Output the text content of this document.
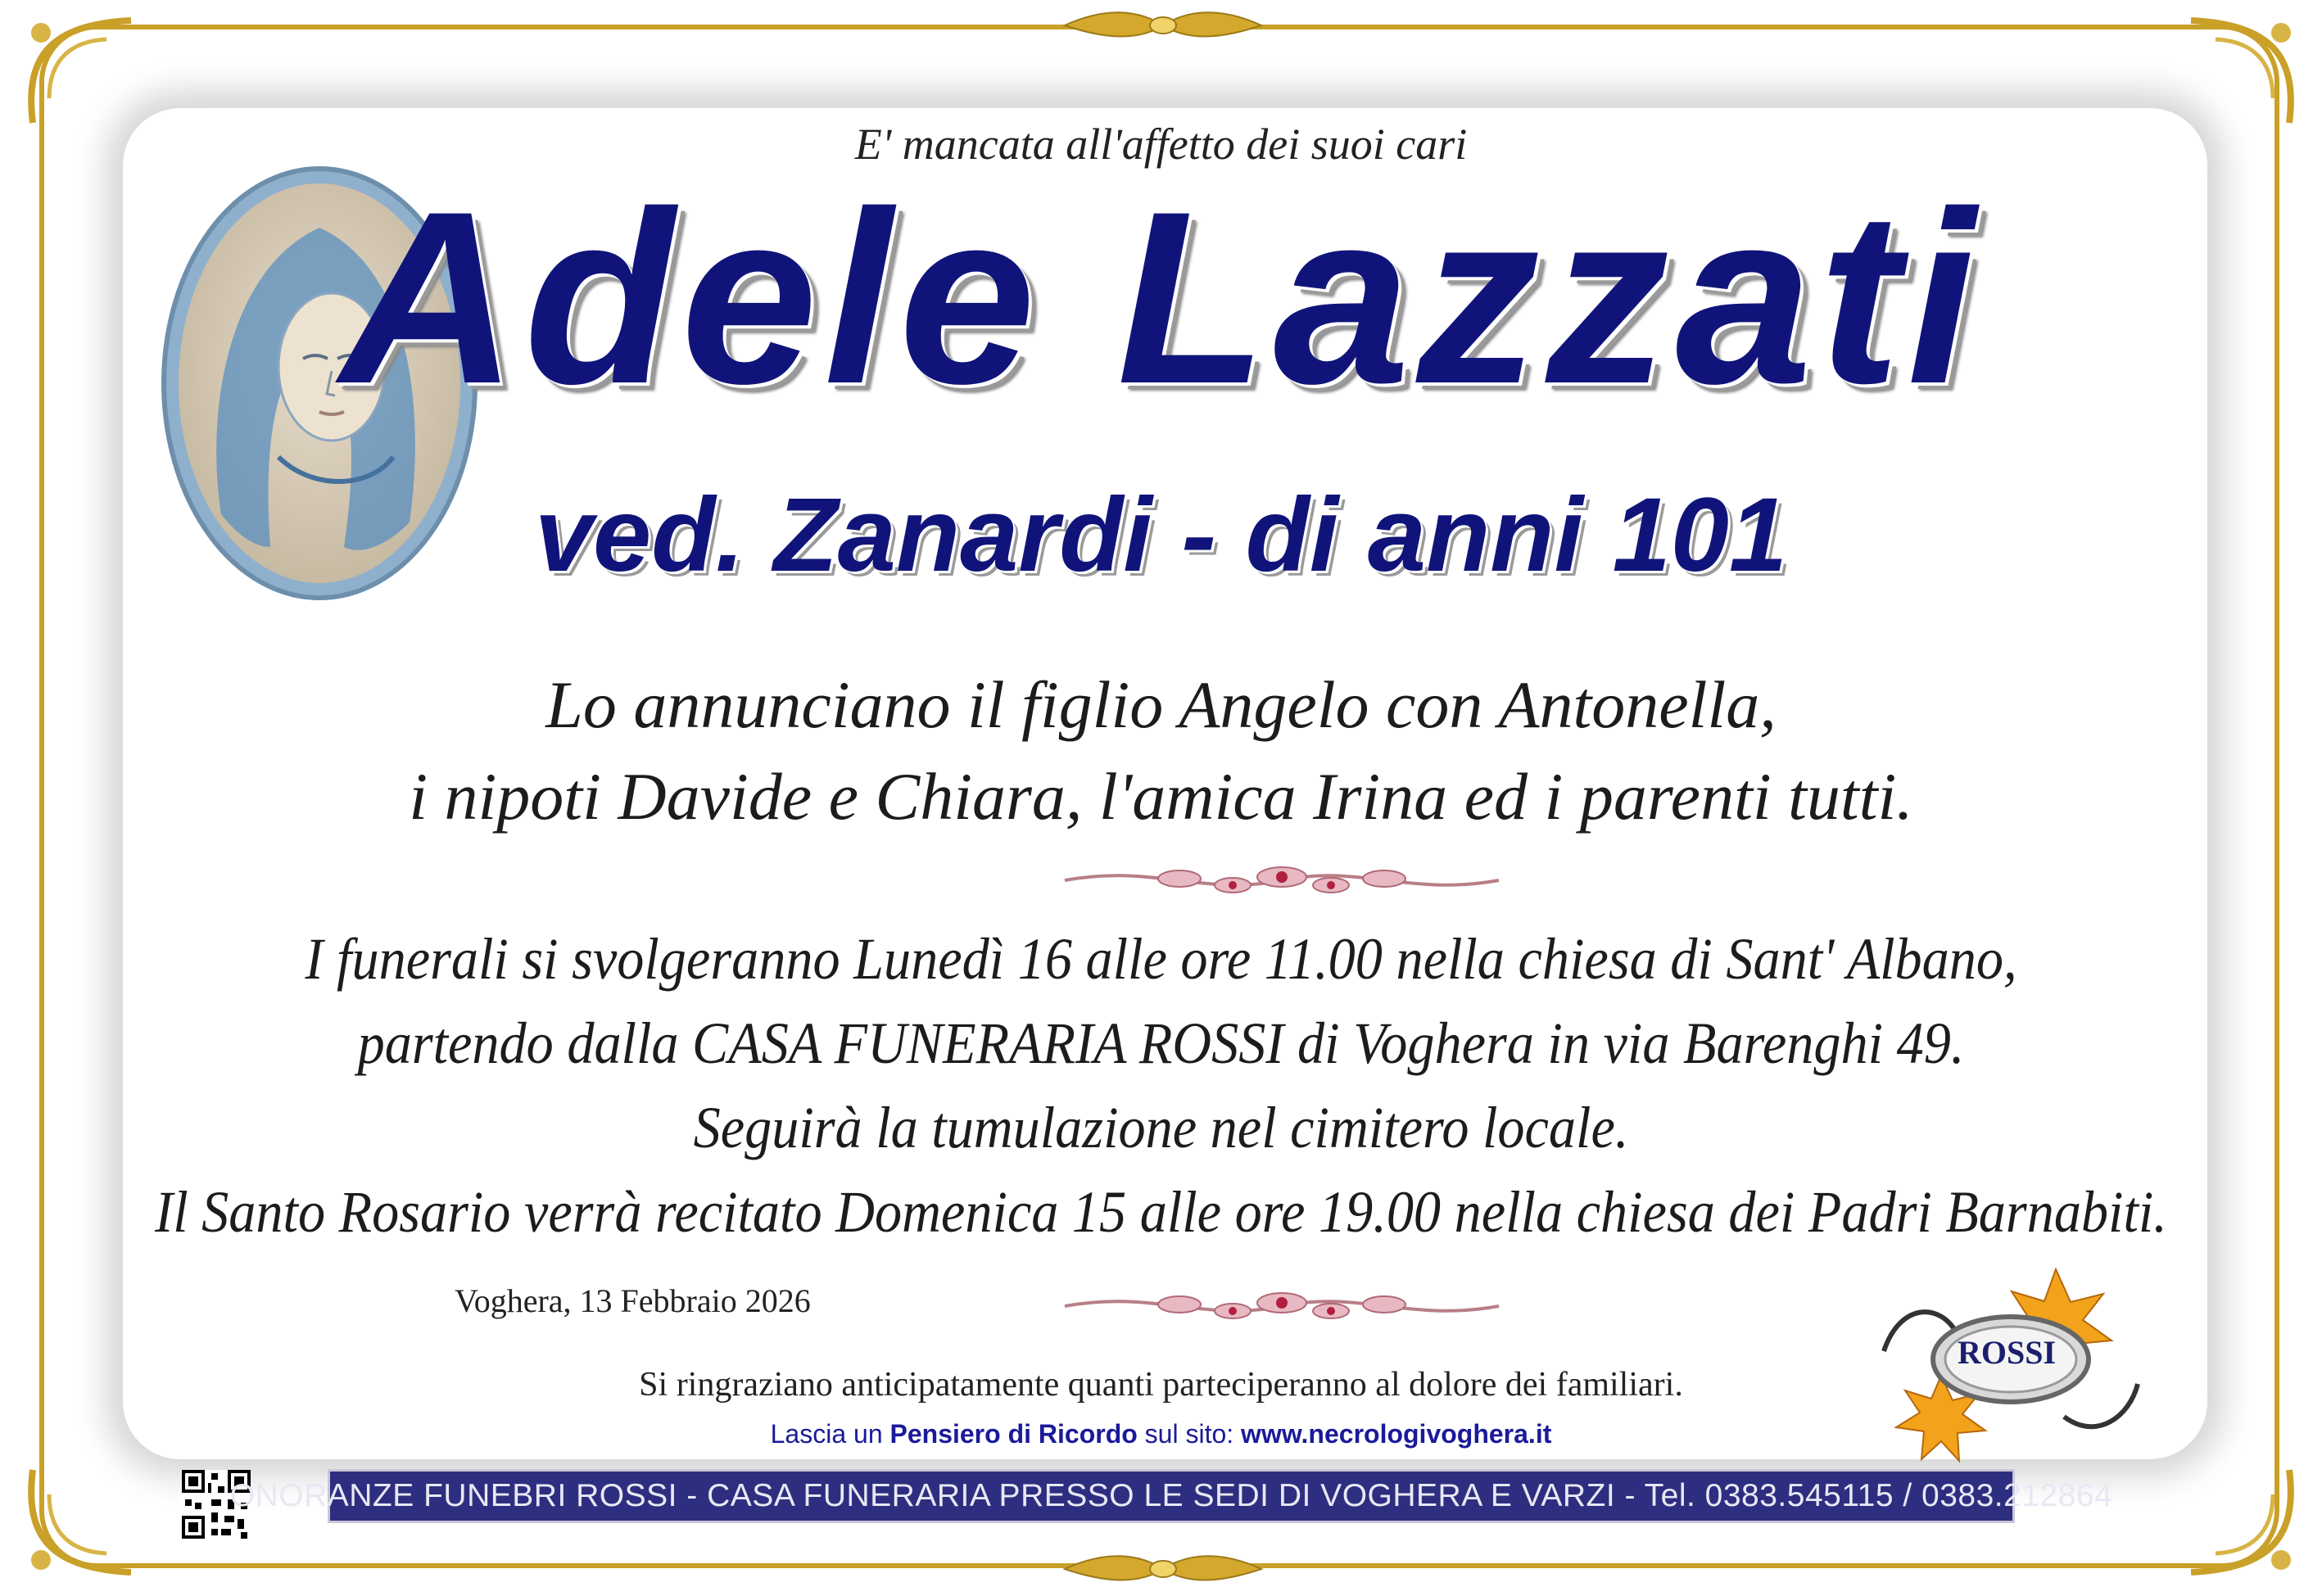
E' mancata all'affetto dei suoi cari
Adele Lazzati
ved. Zanardi - di anni 101
Lo annunciano il figlio Angelo con Antonella,
i nipoti Davide e Chiara, l'amica Irina ed i parenti tutti.
I funerali si svolgeranno Lunedì 16 alle ore 11.00 nella chiesa di Sant' Albano,
partendo dalla CASA FUNERARIA ROSSI di Voghera in via Barenghi 49.
Seguirà la tumulazione nel cimitero locale.
Il Santo Rosario verrà recitato Domenica 15 alle ore 19.00 nella chiesa dei Padri Barnabiti.
Voghera, 13 Febbraio 2026
Si ringraziano anticipatamente quanti parteciperanno al dolore dei familiari.
Lascia un Pensiero di Ricordo sul sito: www.necrologivoghera.it
ROSSI
ONORANZE FUNEBRI ROSSI - CASA FUNERARIA PRESSO LE SEDI DI VOGHERA E VARZI - Tel. 0383.545115 / 0383.212864
